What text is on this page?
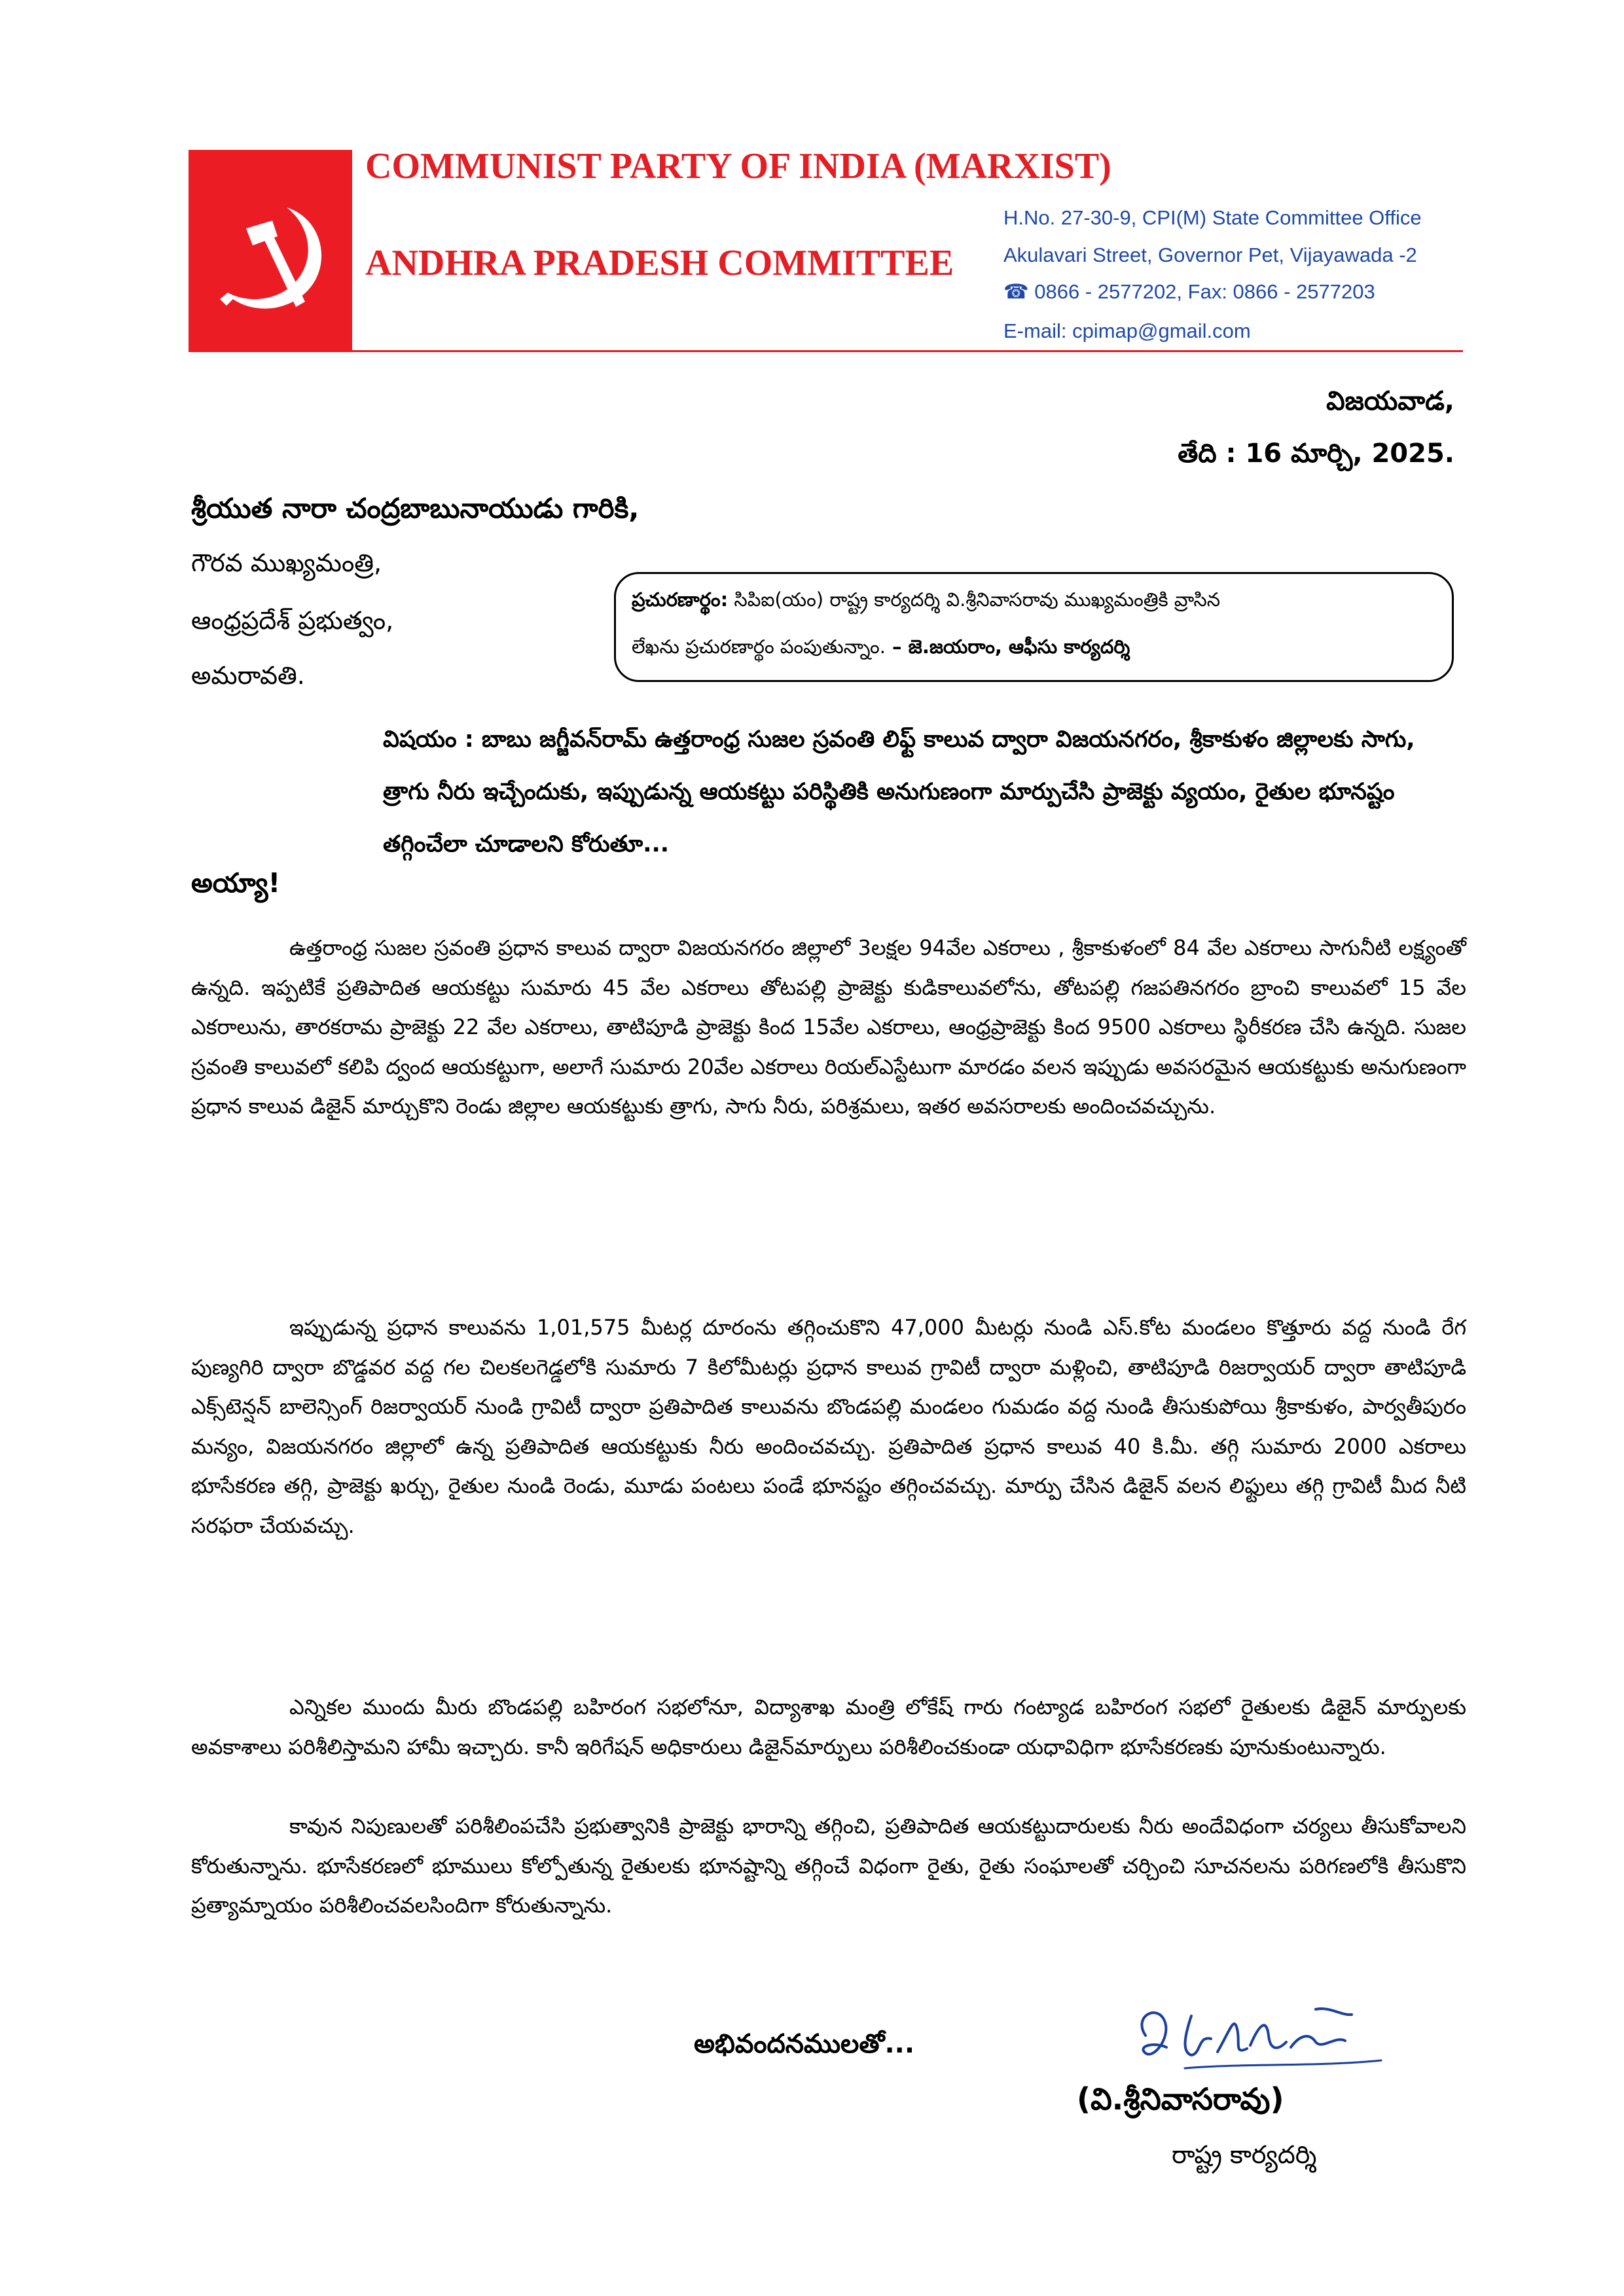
COMMUNIST PARTY OF INDIA (MARXIST)
ANDHRA PRADESH COMMITTEE
H.No. 27-30-9, CPI(M) State Committee Office
Akulavari Street, Governor Pet, Vijayawada -2
☎ 0866 - 2577202, Fax: 0866 - 2577203
E-mail: cpimap@gmail.com
విజయవాడ,
తేది : 16 మార్చి, 2025.
శ్రీయుత నారా చంద్రబాబునాయుడు గారికి,
గౌరవ ముఖ్యమంత్రి,
ఆంధ్రప్రదేశ్ ప్రభుత్వం,
అమరావతి.
ప్రచురణార్థం: సిపిఐ(యం) రాష్ట్ర కార్యదర్శి వి.శ్రీనివాసరావు ముఖ్యమంత్రికి వ్రాసిన
లేఖను ప్రచురణార్థం పంపుతున్నాం. – జె.జయరాం, ఆఫీసు కార్యదర్శి
విషయం : బాబు జగ్జీవన్‌రామ్ ఉత్తరాంధ్ర సుజల స్రవంతి లిఫ్ట్ కాలువ ద్వారా విజయనగరం, శ్రీకాకుళం జిల్లాలకు సాగు, త్రాగు నీరు ఇచ్చేందుకు, ఇప్పుడున్న ఆయకట్టు పరిస్థితికి అనుగుణంగా మార్పుచేసి ప్రాజెక్టు వ్యయం, రైతుల భూనష్టం తగ్గించేలా చూడాలని కోరుతూ...
అయ్యా!
ఉత్తరాంధ్ర సుజల స్రవంతి ప్రధాన కాలువ ద్వారా విజయనగరం జిల్లాలో 3లక్షల 94వేల ఎకరాలు , శ్రీకాకుళంలో 84 వేల ఎకరాలు సాగునీటి లక్ష్యంతో ఉన్నది. ఇప్పటికే ప్రతిపాదిత ఆయకట్టు సుమారు 45 వేల ఎకరాలు తోటపల్లి ప్రాజెక్టు కుడికాలువలోను, తోటపల్లి గజపతినగరం బ్రాంచి కాలువలో 15 వేల ఎకరాలును, తారకరామ ప్రాజెక్టు 22 వేల ఎకరాలు, తాటిపూడి ప్రాజెక్టు కింద 15వేల ఎకరాలు, ఆంధ్రప్రాజెక్టు కింద 9500 ఎకరాలు స్థిరీకరణ చేసి ఉన్నది. సుజల స్రవంతి కాలువలో కలిపి ద్వంద ఆయకట్టుగా, అలాగే సుమారు 20వేల ఎకరాలు రియల్ఎస్టేటుగా మారడం వలన ఇప్పుడు అవసరమైన ఆయకట్టుకు అనుగుణంగా ప్రధాన కాలువ డిజైన్ మార్చుకొని రెండు జిల్లాల ఆయకట్టుకు త్రాగు, సాగు నీరు, పరిశ్రమలు, ఇతర అవసరాలకు అందించవచ్చును.
ఇప్పుడున్న ప్రధాన కాలువను 1,01,575 మీటర్ల దూరంను తగ్గించుకొని 47,000 మీటర్లు నుండి ఎస్.కోట మండలం కొత్తూరు వద్ద నుండి రేగ పుణ్యగిరి ద్వారా బొడ్డవర వద్ద గల చిలకలగెడ్డలోకి సుమారు 7 కిలోమీటర్లు ప్రధాన కాలువ గ్రావిటీ ద్వారా మళ్లించి, తాటిపూడి రిజర్వాయర్ ద్వారా తాటిపూడి ఎక్స్‌టెన్షన్ బాలెన్సింగ్ రిజర్వాయర్ నుండి గ్రావిటీ ద్వారా ప్రతిపాదిత కాలువను బొండపల్లి మండలం గుమడం వద్ద నుండి తీసుకుపోయి శ్రీకాకుళం, పార్వతీపురం మన్యం, విజయనగరం జిల్లాలో ఉన్న ప్రతిపాదిత ఆయకట్టుకు నీరు అందించవచ్చు. ప్రతిపాదిత ప్రధాన కాలువ 40 కి.మీ. తగ్గి సుమారు 2000 ఎకరాలు భూసేకరణ తగ్గి, ప్రాజెక్టు ఖర్చు, రైతుల నుండి రెండు, మూడు పంటలు పండే భూనష్టం తగ్గించవచ్చు. మార్పు చేసిన డిజైన్ వలన లిఫ్టులు తగ్గి గ్రావిటీ మీద నీటి సరఫరా చేయవచ్చు.
ఎన్నికల ముందు మీరు బొండపల్లి బహిరంగ సభలోనూ, విద్యాశాఖ మంత్రి లోకేష్ గారు గంట్యాడ బహిరంగ సభలో రైతులకు డిజైన్ మార్పులకు అవకాశాలు పరిశీలిస్తామని హామీ ఇచ్చారు. కానీ ఇరిగేషన్ అధికారులు డిజైన్‌మార్పులు పరిశీలించకుండా యధావిధిగా భూసేకరణకు పూనుకుంటున్నారు.
కావున నిపుణులతో పరిశీలింపచేసి ప్రభుత్వానికి ప్రాజెక్టు భారాన్ని తగ్గించి, ప్రతిపాదిత ఆయకట్టుదారులకు నీరు అందేవిధంగా చర్యలు తీసుకోవాలని కోరుతున్నాను. భూసేకరణలో భూములు కోల్పోతున్న రైతులకు భూనష్టాన్ని తగ్గించే విధంగా రైతు, రైతు సంఘాలతో చర్చించి సూచనలను పరిగణలోకి తీసుకొని ప్రత్యామ్నాయం పరిశీలించవలసిందిగా కోరుతున్నాను.
అభివందనములతో...
(వి.శ్రీనివాసరావు)
రాష్ట్ర కార్యదర్శి
